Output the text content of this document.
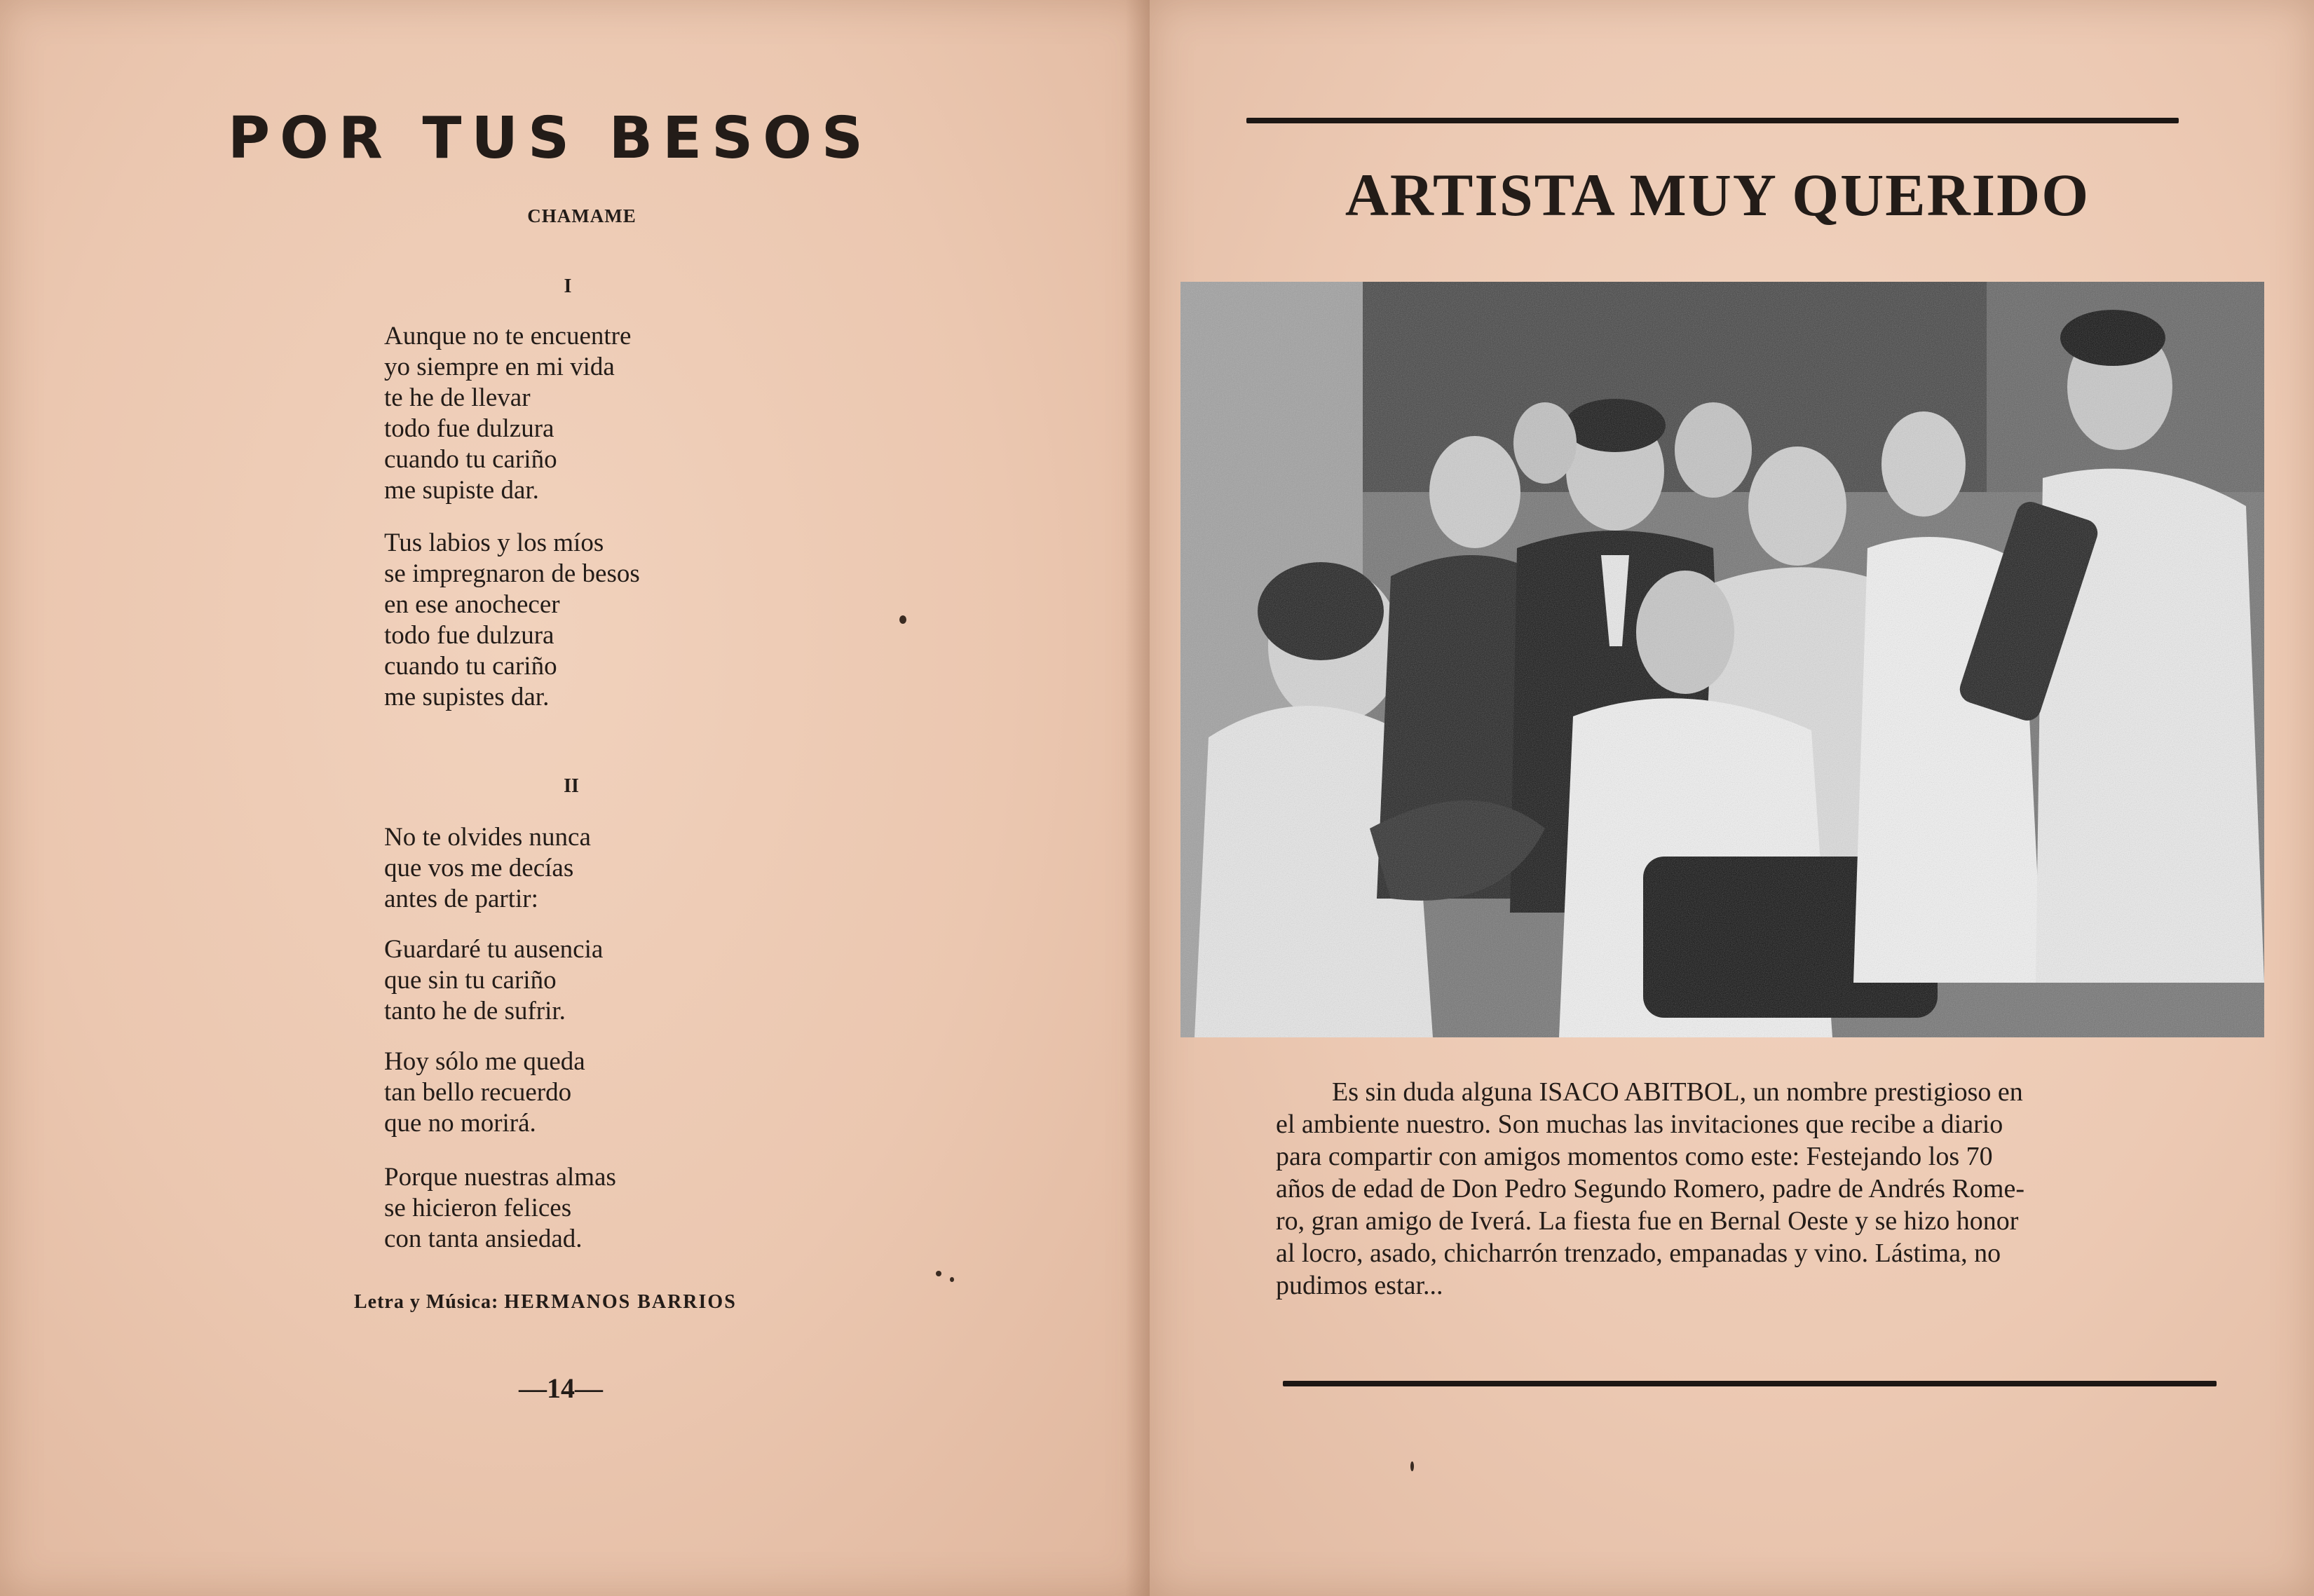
POR TUS BESOS
CHAMAME
I
Aunque no te encuentre
yo siempre en mi vida
te he de llevar
todo fue dulzura
cuando tu cariño
me supiste dar.
Tus labios y los míos
se impregnaron de besos
en ese anochecer
todo fue dulzura
cuando tu cariño
me supistes dar.
II
No te olvides nunca
que vos me decías
antes de partir:
Guardaré tu ausencia
que sin tu cariño
tanto he de sufrir.
Hoy sólo me queda
tan bello recuerdo
que no morirá.
Porque nuestras almas
se hicieron felices
con tanta ansiedad.
Letra y Música: HERMANOS BARRIOS
—14—
ARTISTA MUY QUERIDO
Es sin duda alguna ISACO ABITBOL, un nombre prestigioso en
el ambiente nuestro. Son muchas las invitaciones que recibe a diario
para compartir con amigos momentos como este: Festejando los 70
años de edad de Don Pedro Segundo Romero, padre de Andrés Rome-
ro, gran amigo de Iverá. La fiesta fue en Bernal Oeste y se hizo honor
al locro, asado, chicharrón trenzado, empanadas y vino. Lástima, no
pudimos estar...
